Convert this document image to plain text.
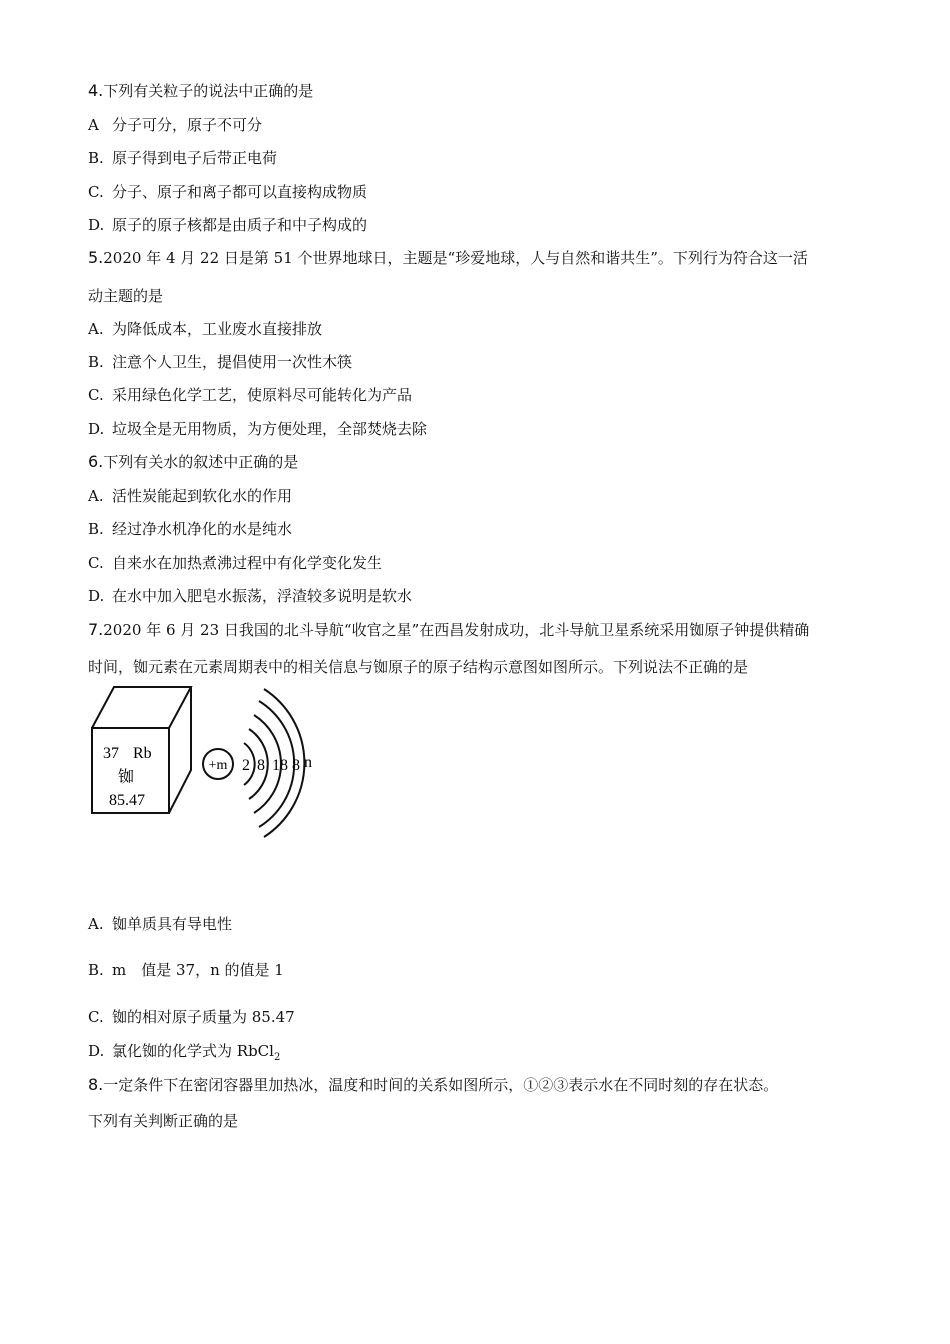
4.下列有关粒子的说法中正确的是
A 分子可分，原子不可分
B. 原子得到电子后带正电荷
C. 分子、原子和离子都可以直接构成物质
D. 原子的原子核都是由质子和中子构成的
5.2020 年 4 月 22 日是第 51 个世界地球日，主题是“珍爱地球，人与自然和谐共生”。下列行为符合这一活
动主题的是
A. 为降低成本，工业废水直接排放
B. 注意个人卫生，提倡使用一次性木筷
C. 采用绿色化学工艺，使原料尽可能转化为产品
D. 垃圾全是无用物质，为方便处理，全部焚烧去除
6.下列有关水的叙述中正确的是
A. 活性炭能起到软化水的作用
B. 经过净水机净化的水是纯水
C. 自来水在加热煮沸过程中有化学变化发生
D. 在水中加入肥皂水振荡，浮渣较多说明是软水
7.2020 年 6 月 23 日我国的北斗导航“收官之星”在西昌发射成功，北斗导航卫星系统采用铷原子钟提供精确
时间，铷元素在元素周期表中的相关信息与铷原子的原子结构示意图如图所示。下列说法不正确的是
37 Rb
铷
85.47
+m 2 8 18 8 n
A. 铷单质具有导电性
B. m　值是 37，n 的值是 1
C. 铷的相对原子质量为 85.47
D. 氯化铷的化学式为 RbCl$_2$
8.一定条件下在密闭容器里加热冰，温度和时间的关系如图所示，①②③表示水在不同时刻的存在状态。
下列有关判断正确的是
